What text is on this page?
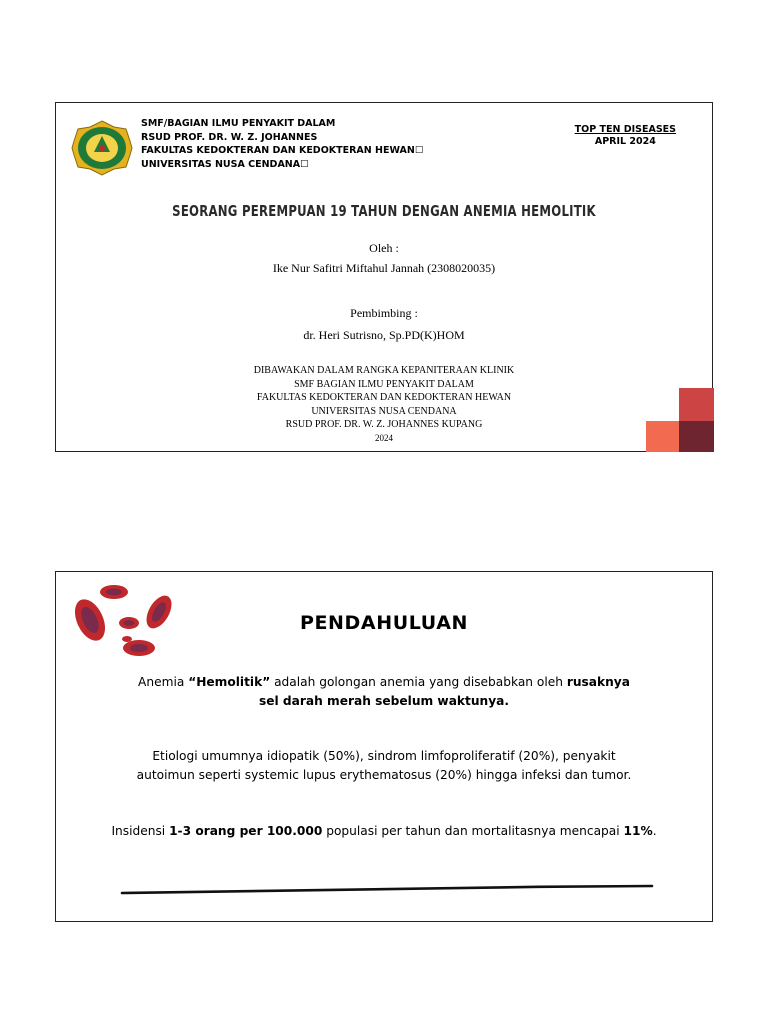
SMF/BAGIAN ILMU PENYAKIT DALAM
RSUD PROF. DR. W. Z. JOHANNES
FAKULTAS KEDOKTERAN DAN KEDOKTERAN HEWAN☐
UNIVERSITAS NUSA CENDANA☐
TOP TEN DISEASES
APRIL 2024
SEORANG PEREMPUAN 19 TAHUN DENGAN ANEMIA HEMOLITIK
Oleh :
Ike Nur Safitri Miftahul Jannah (2308020035)
Pembimbing :
dr. Heri Sutrisno, Sp.PD(K)HOM
DIBAWAKAN DALAM RANGKA KEPANITERAAN KLINIK
SMF BAGIAN ILMU PENYAKIT DALAM
FAKULTAS KEDOKTERAN DAN KEDOKTERAN HEWAN
UNIVERSITAS NUSA CENDANA
RSUD PROF. DR. W. Z. JOHANNES KUPANG
2024
PENDAHULUAN
Anemia “Hemolitik” adalah golongan anemia yang disebabkan oleh rusaknya
sel darah merah sebelum waktunya.
Etiologi umumnya idiopatik (50%), sindrom limfoproliferatif (20%), penyakit
autoimun seperti systemic lupus erythematosus (20%) hingga infeksi dan tumor.
Insidensi 1-3 orang per 100.000 populasi per tahun dan mortalitasnya mencapai 11%.
